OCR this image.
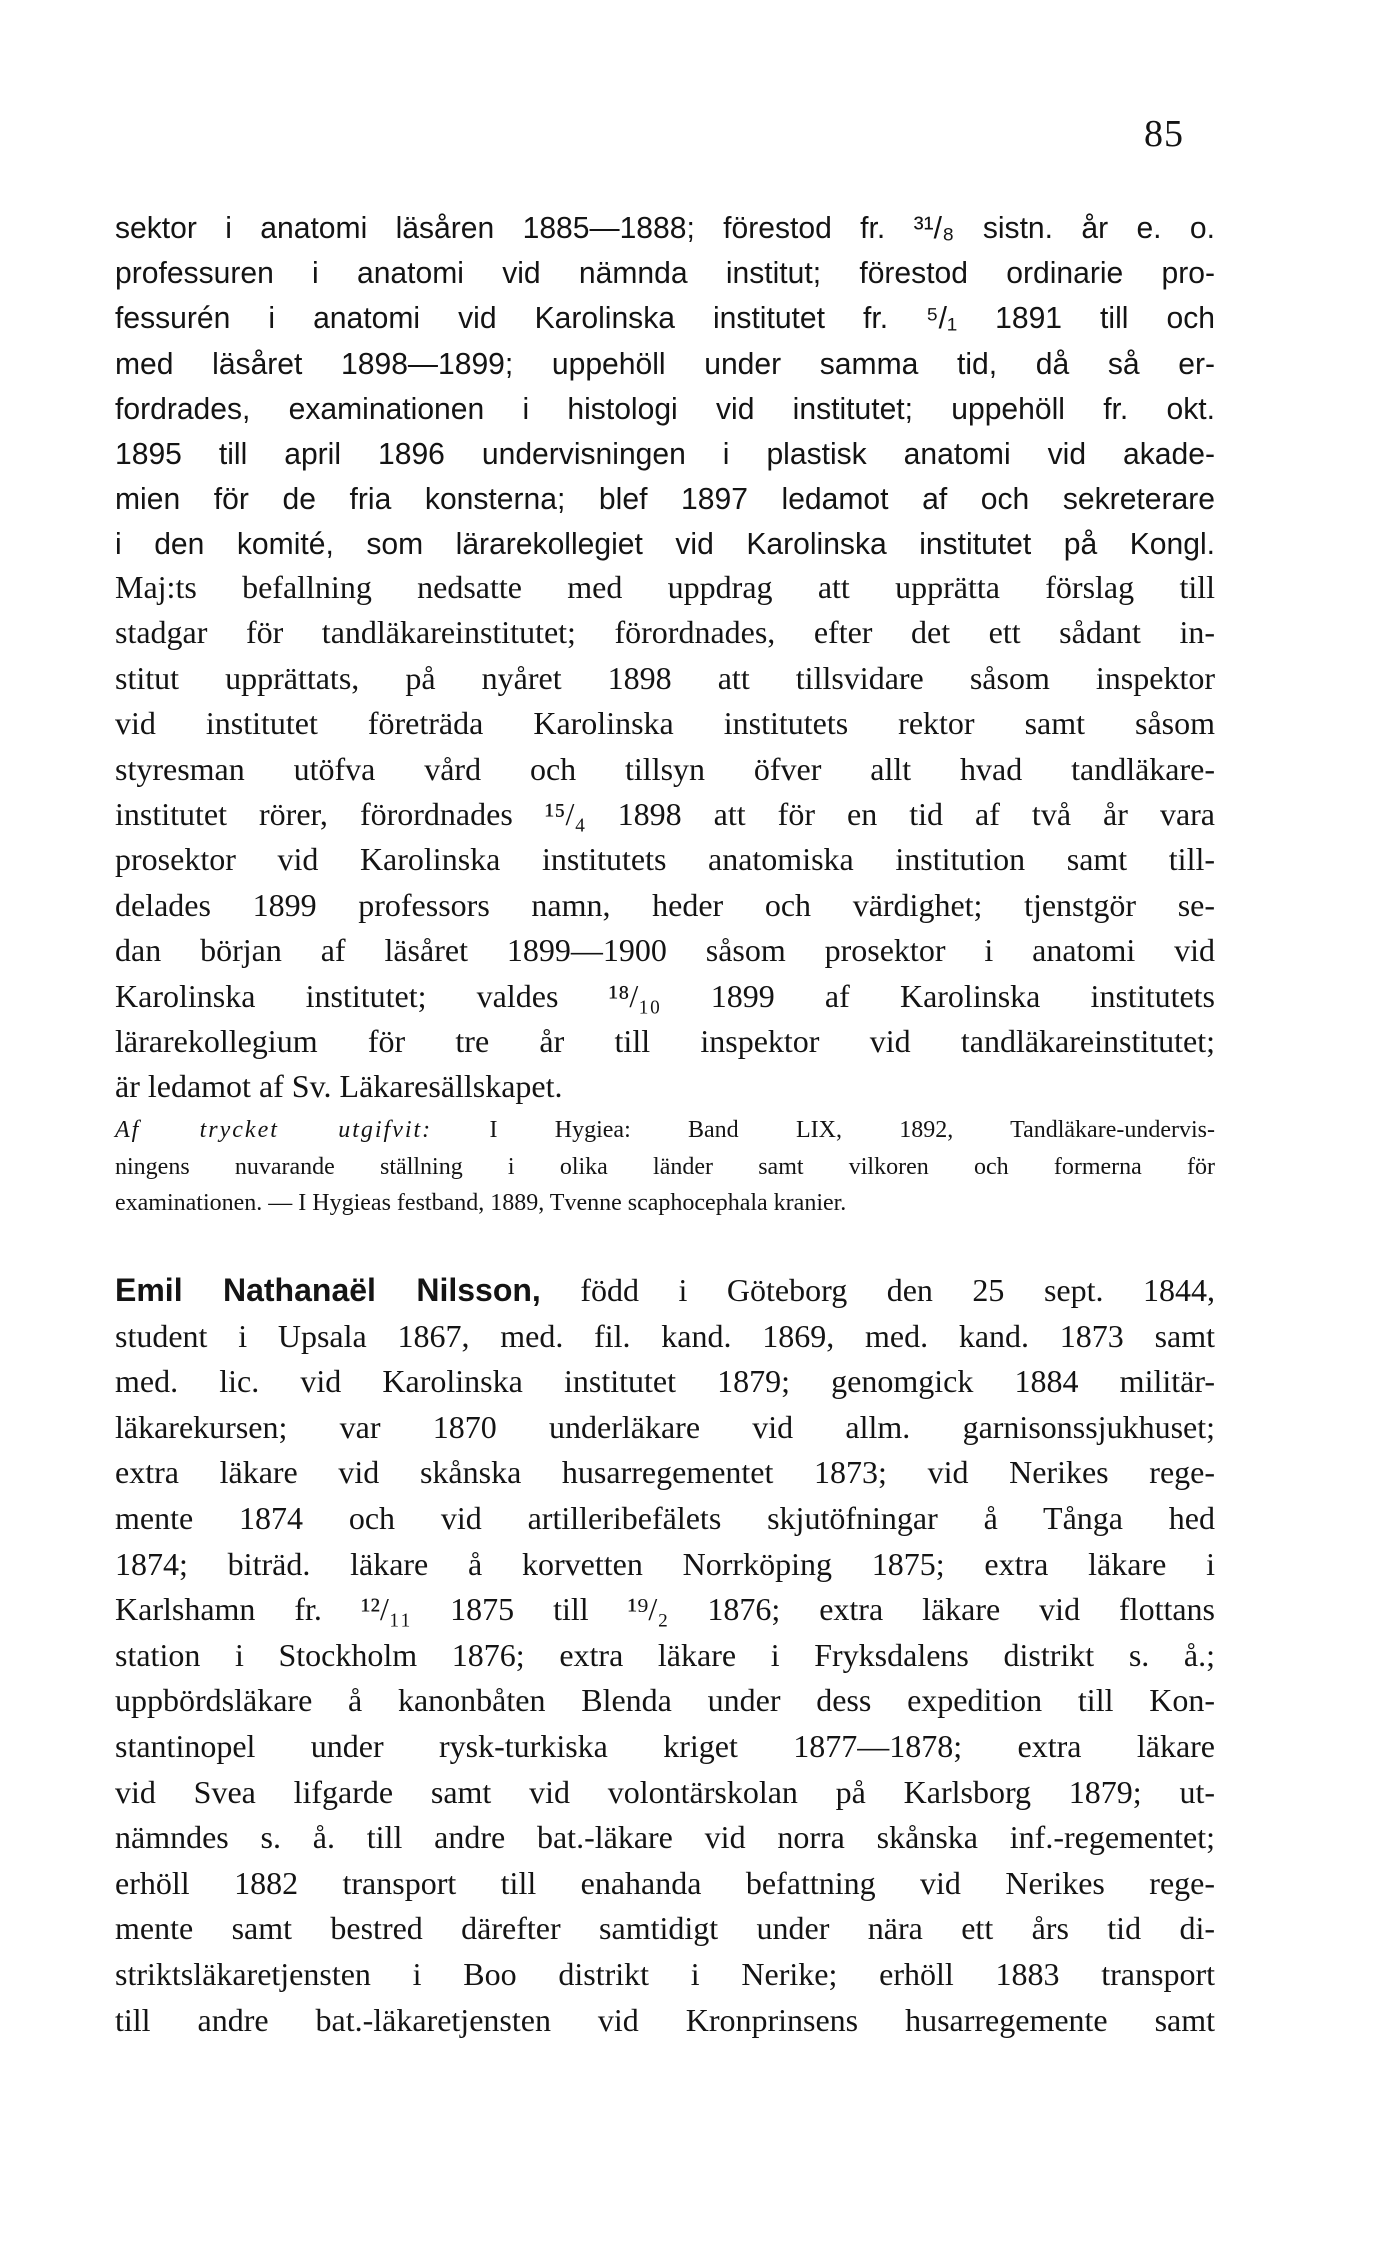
85
sektor i anatomi läsåren 1885—1888; förestod fr. ³¹/₈ sistn. år e. o.
professuren i anatomi vid nämnda institut; förestod ordinarie pro-
fessurén i anatomi vid Karolinska institutet fr. ⁵/₁ 1891 till och
med läsåret 1898—1899; uppehöll under samma tid, då så er-
fordrades, examinationen i histologi vid institutet; uppehöll fr. okt.
1895 till april 1896 undervisningen i plastisk anatomi vid akade-
mien för de fria konsterna; blef 1897 ledamot af och sekreterare
i den komité, som lärarekollegiet vid Karolinska institutet på Kongl.
Maj:ts befallning nedsatte med uppdrag att upprätta förslag till
stadgar för tandläkareinstitutet; förordnades, efter det ett sådant in-
stitut upprättats, på nyåret 1898 att tillsvidare såsom inspektor
vid institutet företräda Karolinska institutets rektor samt såsom
styresman utöfva vård och tillsyn öfver allt hvad tandläkare-
institutet rörer, förordnades ¹⁵/₄ 1898 att för en tid af två år vara
prosektor vid Karolinska institutets anatomiska institution samt till-
delades 1899 professors namn, heder och värdighet; tjenstgör se-
dan början af läsåret 1899—1900 såsom prosektor i anatomi vid
Karolinska institutet; valdes ¹⁸/₁₀ 1899 af Karolinska institutets
lärarekollegium för tre år till inspektor vid tandläkareinstitutet;
är ledamot af Sv. Läkaresällskapet.
Af trycket utgifvit: I Hygiea: Band LIX, 1892, Tandläkare-undervis-
ningens nuvarande ställning i olika länder samt vilkoren och formerna för
examinationen. — I Hygieas festband, 1889, Tvenne scaphocephala kranier.
Emil Nathanaël Nilsson, född i Göteborg den 25 sept. 1844,
student i Upsala 1867, med. fil. kand. 1869, med. kand. 1873 samt
med. lic. vid Karolinska institutet 1879; genomgick 1884 militär-
läkarekursen; var 1870 underläkare vid allm. garnisonssjukhuset;
extra läkare vid skånska husarregementet 1873; vid Nerikes rege-
mente 1874 och vid artilleribefälets skjutöfningar å Tånga hed
1874; biträd. läkare å korvetten Norrköping 1875; extra läkare i
Karlshamn fr. ¹²/₁₁ 1875 till ¹⁹/₂ 1876; extra läkare vid flottans
station i Stockholm 1876; extra läkare i Fryksdalens distrikt s. å.;
uppbördsläkare å kanonbåten Blenda under dess expedition till Kon-
stantinopel under rysk-turkiska kriget 1877—1878; extra läkare
vid Svea lifgarde samt vid volontärskolan på Karlsborg 1879; ut-
nämndes s. å. till andre bat.-läkare vid norra skånska inf.-regementet;
erhöll 1882 transport till enahanda befattning vid Nerikes rege-
mente samt bestred därefter samtidigt under nära ett års tid di-
striktsläkaretjensten i Boo distrikt i Nerike; erhöll 1883 transport
till andre bat.-läkaretjensten vid Kronprinsens husarregemente samt
